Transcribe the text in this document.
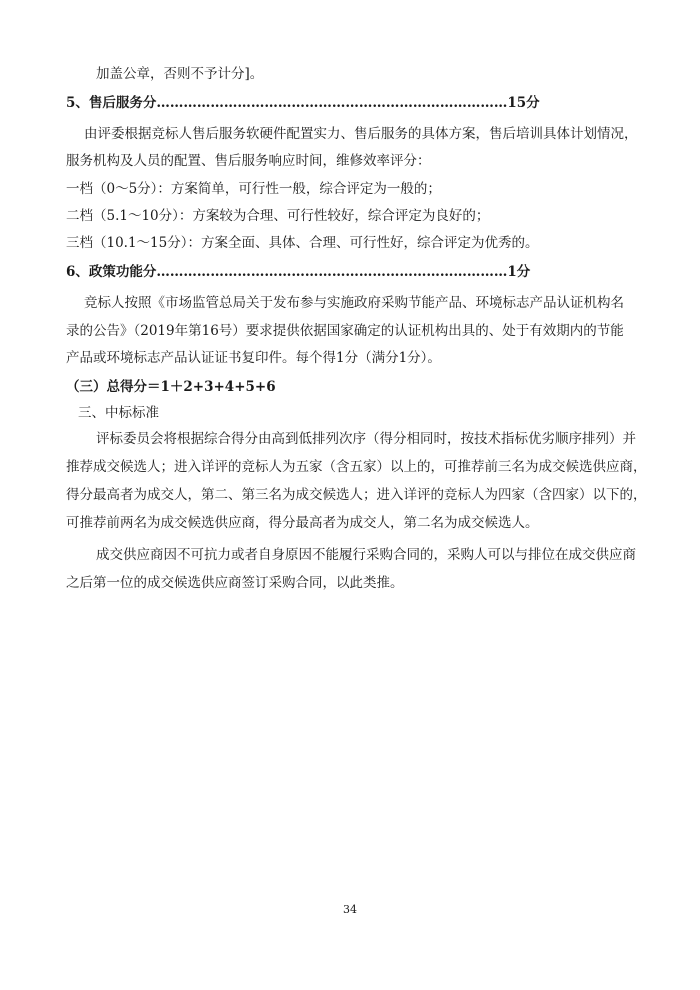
加盖公章，否则不予计分]。
5、售后服务分……………………………………………………………………15分
由评委根据竞标人售后服务软硬件配置实力、售后服务的具体方案，售后培训具体计划情况，
服务机构及人员的配置、售后服务响应时间，维修效率评分：
一档（0～5分）：方案简单，可行性一般，综合评定为一般的；
二档（5.1～10分）：方案较为合理、可行性较好，综合评定为良好的；
三档（10.1～15分）：方案全面、具体、合理、可行性好，综合评定为优秀的。
6、政策功能分……………………………………………………………………1分
竞标人按照《市场监管总局关于发布参与实施政府采购节能产品、环境标志产品认证机构名
录的公告》（2019年第16号）要求提供依据国家确定的认证机构出具的、处于有效期内的节能
产品或环境标志产品认证证书复印件。每个得1分（满分1分）。
（三）总得分＝1＋2+3+4+5+6
三、中标标准
评标委员会将根据综合得分由高到低排列次序（得分相同时，按技术指标优劣顺序排列）并
推荐成交候选人；进入详评的竞标人为五家（含五家）以上的，可推荐前三名为成交候选供应商，
得分最高者为成交人，第二、第三名为成交候选人；进入详评的竞标人为四家（含四家）以下的，
可推荐前两名为成交候选供应商，得分最高者为成交人，第二名为成交候选人。
成交供应商因不可抗力或者自身原因不能履行采购合同的，采购人可以与排位在成交供应商
之后第一位的成交候选供应商签订采购合同，以此类推。
34
